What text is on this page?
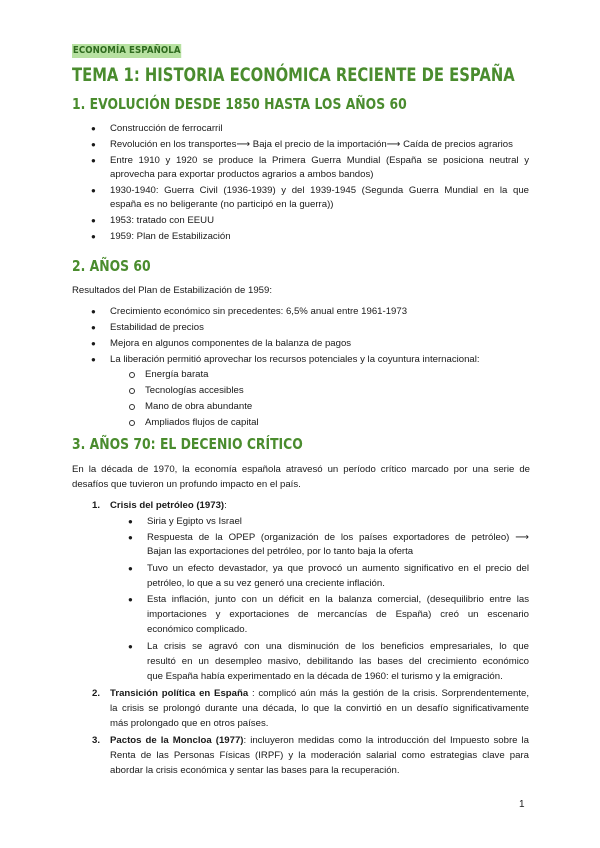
ECONOMÍA ESPAÑOLA
TEMA 1: HISTORIA ECONÓMICA RECIENTE DE ESPAÑA
1. EVOLUCIÓN DESDE 1850 HASTA LOS AÑOS 60
● Construcción de ferrocarril
● Revolución en los transportes⟶ Baja el precio de la importación⟶ Caída de precios agrarios
● Entre 1910 y 1920 se produce la Primera Guerra Mundial (España se posiciona neutral y
aprovecha para exportar productos agrarios a ambos bandos)
● 1930-1940: Guerra Civil (1936-1939) y del 1939-1945 (Segunda Guerra Mundial en la que
españa es no beligerante (no participó en la guerra))
● 1953: tratado con EEUU
● 1959: Plan de Estabilización
2. AÑOS 60
Resultados del Plan de Estabilización de 1959:
● Crecimiento económico sin precedentes: 6,5% anual entre 1961-1973
● Estabilidad de precios
● Mejora en algunos componentes de la balanza de pagos
● La liberación permitió aprovechar los recursos potenciales y la coyuntura internacional:
Energía barata
Tecnologías accesibles
Mano de obra abundante
Ampliados flujos de capital
3. AÑOS 70: EL DECENIO CRÍTICO
En la década de 1970, la economía española atravesó un período crítico marcado por una serie de
desafíos que tuvieron un profundo impacto en el país.
1. Crisis del petróleo (1973):
● Siria y Egipto vs Israel
● Respuesta de la OPEP (organización de los países exportadores de petróleo) ⟶
Bajan las exportaciones del petróleo, por lo tanto baja la oferta
● Tuvo un efecto devastador, ya que provocó un aumento significativo en el precio del
petróleo, lo que a su vez generó una creciente inflación.
● Esta inflación, junto con un déficit en la balanza comercial, (desequilibrio entre las
importaciones y exportaciones de mercancías de España) creó un escenario
económico complicado.
● La crisis se agravó con una disminución de los beneficios empresariales, lo que
resultó en un desempleo masivo, debilitando las bases del crecimiento económico
que España había experimentado en la década de 1960: el turismo y la emigración.
2. Transición política en España : complicó aún más la gestión de la crisis. Sorprendentemente,
la crisis se prolongó durante una década, lo que la convirtió en un desafío significativamente
más prolongado que en otros países.
3. Pactos de la Moncloa (1977): incluyeron medidas como la introducción del Impuesto sobre la
Renta de las Personas Físicas (IRPF) y la moderación salarial como estrategias clave para
abordar la crisis económica y sentar las bases para la recuperación.
1
